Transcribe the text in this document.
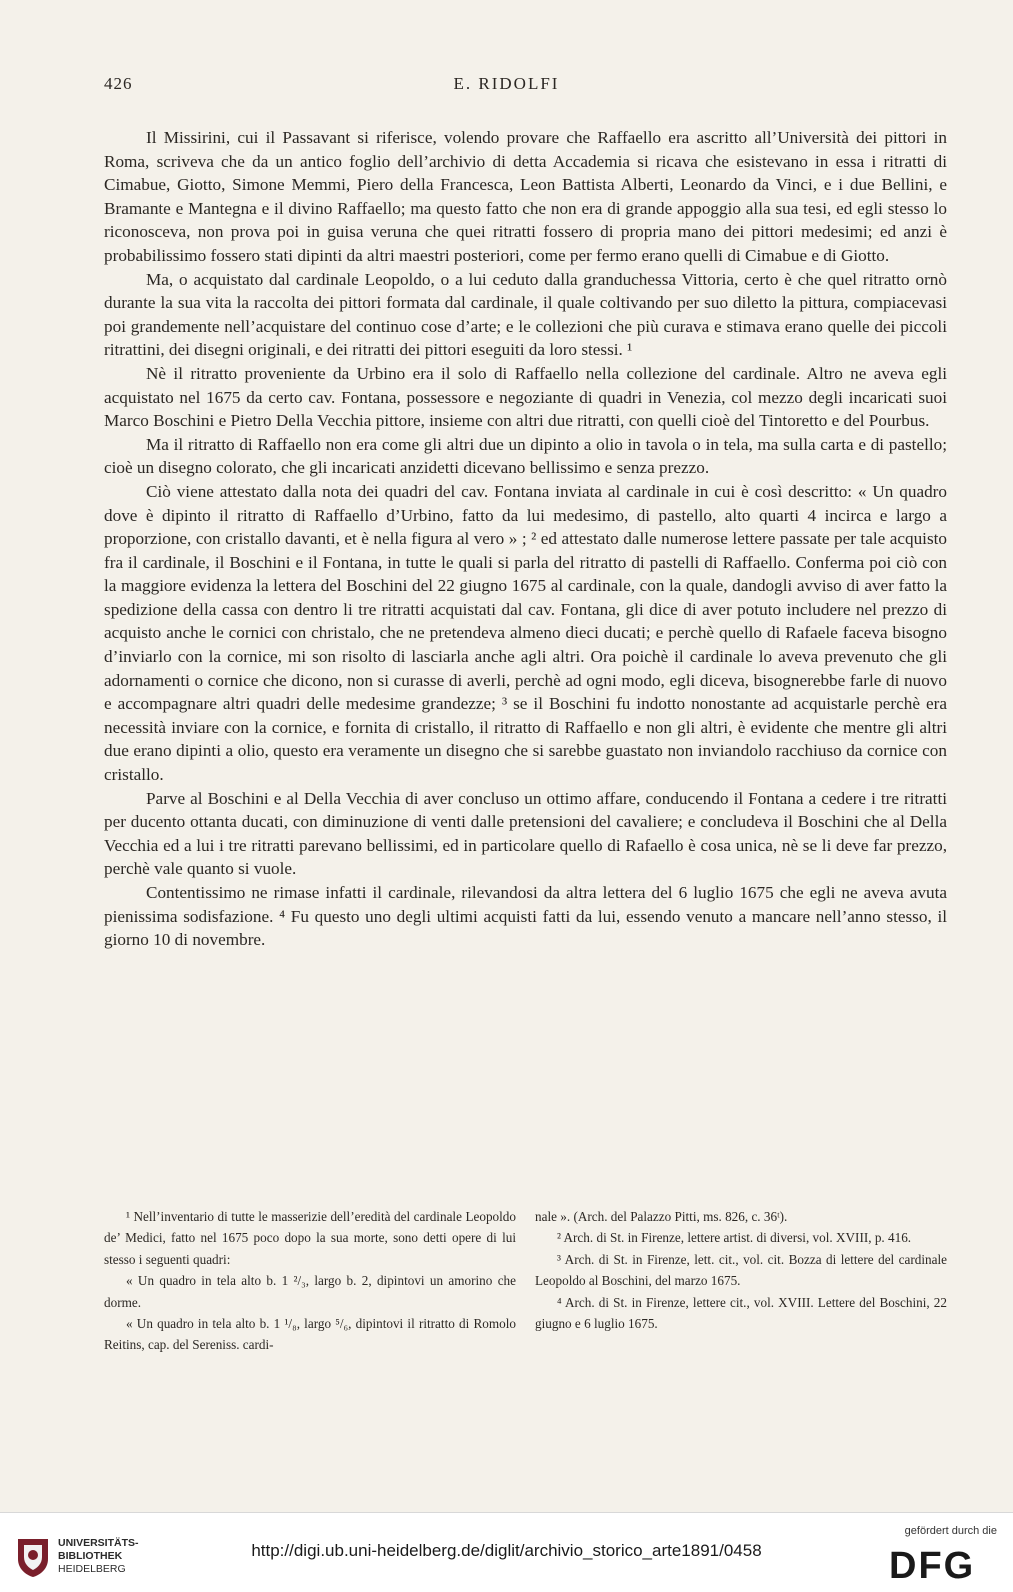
426	E. RIDOLFI

Il Missirini, cui il Passavant si riferisce, volendo provare che Raffaello era ascritto all’Università dei pittori in Roma, scriveva che da un antico foglio dell’archivio di detta Accademia si ricava che esistevano in essa i ritratti di Cimabue, Giotto, Simone Memmi, Piero della Francesca, Leon Battista Alberti, Leonardo da Vinci, e i due Bellini, e Bramante e Mantegna e il divino Raffaello; ma questo fatto che non era di grande appoggio alla sua tesi, ed egli stesso lo riconosceva, non prova poi in guisa veruna che quei ritratti fossero di propria mano dei pittori medesimi; ed anzi è probabilissimo fossero stati dipinti da altri maestri posteriori, come per fermo erano quelli di Cimabue e di Giotto.

Ma, o acquistato dal cardinale Leopoldo, o a lui ceduto dalla granduchessa Vittoria, certo è che quel ritratto ornò durante la sua vita la raccolta dei pittori formata dal cardinale, il quale coltivando per suo diletto la pittura, compiacevasi poi grandemente nell’acquistare del continuo cose d’arte; e le collezioni che più curava e stimava erano quelle dei piccoli ritrattini, dei disegni originali, e dei ritratti dei pittori eseguiti da loro stessi. ¹

Nè il ritratto proveniente da Urbino era il solo di Raffaello nella collezione del cardinale. Altro ne aveva egli acquistato nel 1675 da certo cav. Fontana, possessore e negoziante di quadri in Venezia, col mezzo degli incaricati suoi Marco Boschini e Pietro Della Vecchia pittore, insieme con altri due ritratti, con quelli cioè del Tintoretto e del Pourbus.

Ma il ritratto di Raffaello non era come gli altri due un dipinto a olio in tavola o in tela, ma sulla carta e di pastello; cioè un disegno colorato, che gli incaricati anzidetti dicevano bellissimo e senza prezzo.

Ciò viene attestato dalla nota dei quadri del cav. Fontana inviata al cardinale in cui è così descritto: « Un quadro dove è dipinto il ritratto di Raffaello d’Urbino, fatto da lui medesimo, di pastello, alto quarti 4 incirca e largo a proporzione, con cristallo davanti, et è nella figura al vero » ; ² ed attestato dalle numerose lettere passate per tale acquisto fra il cardinale, il Boschini e il Fontana, in tutte le quali si parla del ritratto di pastelli di Raffaello. Conferma poi ciò con la maggiore evidenza la lettera del Boschini del 22 giugno 1675 al cardinale, con la quale, dandogli avviso di aver fatto la spedizione della cassa con dentro li tre ritratti acquistati dal cav. Fontana, gli dice di aver potuto includere nel prezzo di acquisto anche le cornici con christalo, che ne pretendeva almeno dieci ducati; e perchè quello di Rafaele faceva bisogno d’inviarlo con la cornice, mi son risolto di lasciarla anche agli altri. Ora poichè il cardinale lo aveva prevenuto che gli adornamenti o cornice che dicono, non si curasse di averli, perchè ad ogni modo, egli diceva, bisognerebbe farle di nuovo e accompagnare altri quadri delle medesime grandezze; ³ se il Boschini fu indotto nonostante ad acquistarle perchè era necessità inviare con la cornice, e fornita di cristallo, il ritratto di Raffaello e non gli altri, è evidente che mentre gli altri due erano dipinti a olio, questo era veramente un disegno che si sarebbe guastato non inviandolo racchiuso da cornice con cristallo.

Parve al Boschini e al Della Vecchia di aver concluso un ottimo affare, conducendo il Fontana a cedere i tre ritratti per ducento ottanta ducati, con diminuzione di venti dalle pretensioni del cavaliere; e concludeva il Boschini che al Della Vecchia ed a lui i tre ritratti parevano bellissimi, ed in particolare quello di Rafaello è cosa unica, nè se li deve far prezzo, perchè vale quanto si vuole.

Contentissimo ne rimase infatti il cardinale, rilevandosi da altra lettera del 6 luglio 1675 che egli ne aveva avuta pienissima sodisfazione. ⁴ Fu questo uno degli ultimi acquisti fatti da lui, essendo venuto a mancare nell’anno stesso, il giorno 10 di novembre.

¹ Nell’inventario di tutte le masserizie dell’eredità del cardinale Leopoldo de’ Medici, fatto nel 1675 poco dopo la sua morte, sono detti opere di lui stesso i seguenti quadri:

« Un quadro in tela alto b. 1 ²/₃, largo b. 2, dipintovi un amorino che dorme.

« Un quadro in tela alto b. 1 ¹/₈, largo ⁵/₆, dipintovi il ritratto di Romolo Reitins, cap. del Sereniss. cardi-

nale ». (Arch. del Palazzo Pitti, ms. 826, c. 36ᵗ).

² Arch. di St. in Firenze, lettere artist. di diversi, vol. XVIII, p. 416.

³ Arch. di St. in Firenze, lett. cit., vol. cit. Bozza di lettere del cardinale Leopoldo al Boschini, del marzo 1675.

⁴ Arch. di St. in Firenze, lettere cit., vol. XVIII. Lettere del Boschini, 22 giugno e 6 luglio 1675.

UNIVERSITÄTS-
BIBLIOTHEK
HEIDELBERG
http://digi.ub.uni-heidelberg.de/diglit/archivio_storico_arte1891/0458
gefördert durch die
DFG
